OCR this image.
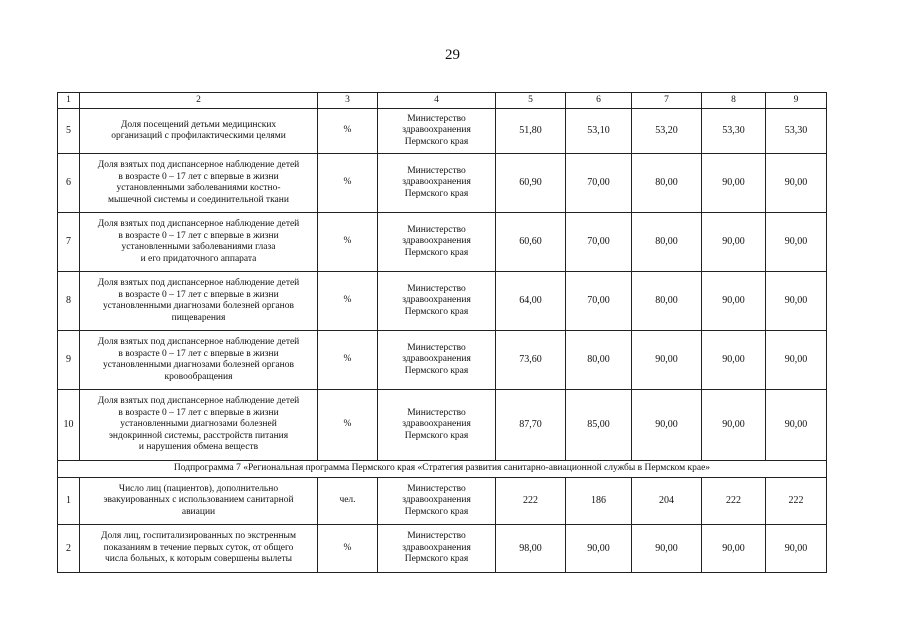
29
1	2	3	4	5	6	7	8	9
5	Доля посещений детьми медицинских
организаций с профилактическими целями	%	Министерство
здравоохранения
Пермского края	51,80	53,10	53,20	53,30	53,30
6	Доля взятых под диспансерное наблюдение детей
в возрасте 0 – 17 лет с впервые в жизни
установленными заболеваниями костно-
мышечной системы и соединительной ткани	%	Министерство
здравоохранения
Пермского края	60,90	70,00	80,00	90,00	90,00
7	Доля взятых под диспансерное наблюдение детей
в возрасте 0 – 17 лет с впервые в жизни
установленными заболеваниями глаза
и его придаточного аппарата	%	Министерство
здравоохранения
Пермского края	60,60	70,00	80,00	90,00	90,00
8	Доля взятых под диспансерное наблюдение детей
в возрасте 0 – 17 лет с впервые в жизни
установленными диагнозами болезней органов
пищеварения	%	Министерство
здравоохранения
Пермского края	64,00	70,00	80,00	90,00	90,00
9	Доля взятых под диспансерное наблюдение детей
в возрасте 0 – 17 лет с впервые в жизни
установленными диагнозами болезней органов
кровообращения	%	Министерство
здравоохранения
Пермского края	73,60	80,00	90,00	90,00	90,00
10	Доля взятых под диспансерное наблюдение детей
в возрасте 0 – 17 лет с впервые в жизни
установленными диагнозами болезней
эндокринной системы, расстройств питания
и нарушения обмена веществ	%	Министерство
здравоохранения
Пермского края	87,70	85,00	90,00	90,00	90,00
Подпрограмма 7 «Региональная программа Пермского края «Стратегия развития санитарно-авиационной службы в Пермском крае»								
1	Число лиц (пациентов), дополнительно
эвакуированных с использованием санитарной
авиации	чел.	Министерство
здравоохранения
Пермского края	222	186	204	222	222
2	Доля лиц, госпитализированных по экстренным
показаниям в течение первых суток, от общего
числа больных, к которым совершены вылеты	%	Министерство
здравоохранения
Пермского края	98,00	90,00	90,00	90,00	90,00
